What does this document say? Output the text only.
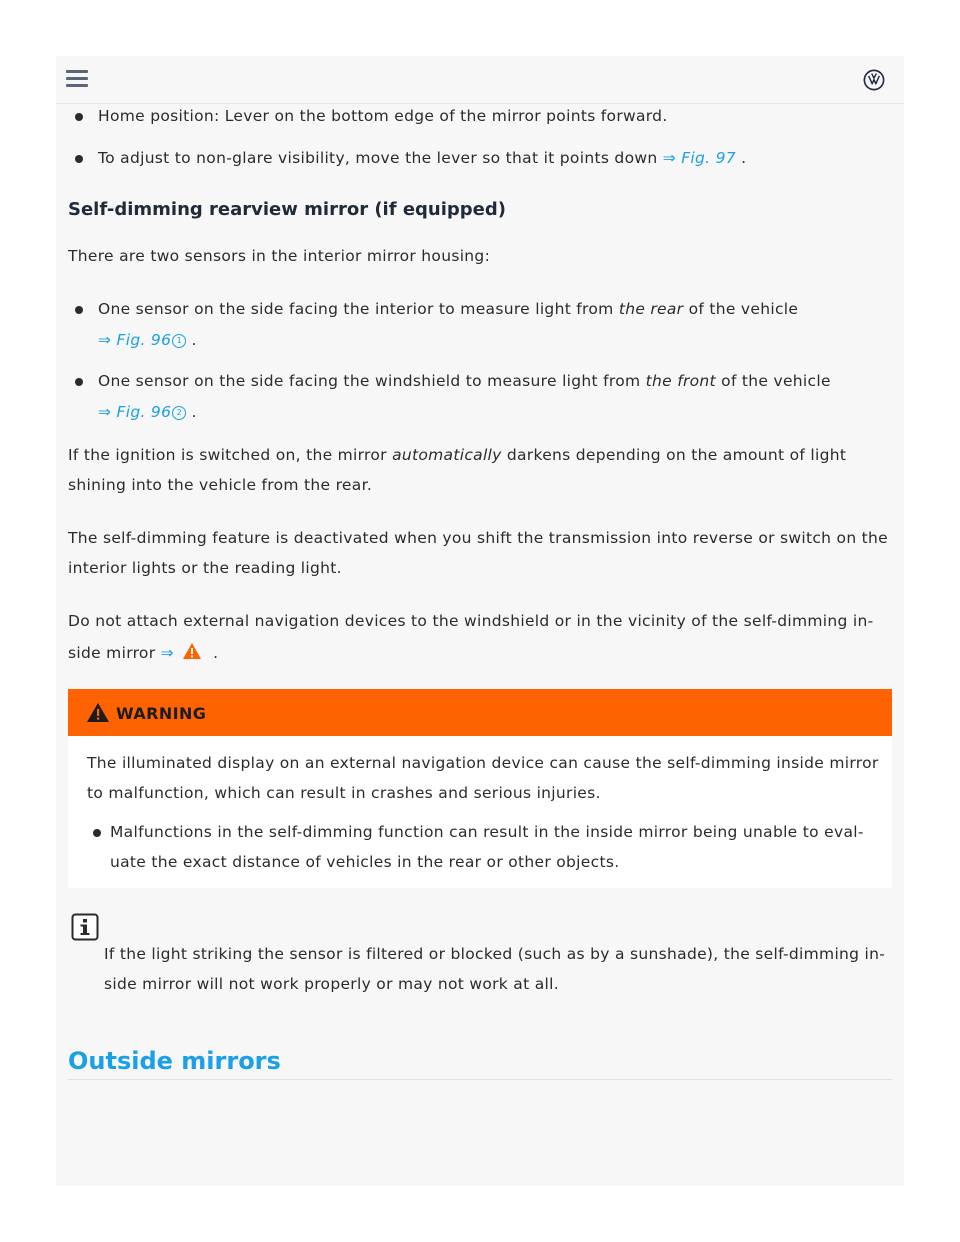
Home position: Lever on the bottom edge of the mirror points forward.
To adjust to non-glare visibility, move the lever so that it points down ⇒ Fig. 97 .
Self-dimming rearview mirror (if equipped)
There are two sensors in the interior mirror housing:
One sensor on the side facing the interior to measure light from the rear of the vehicle
⇒ Fig. 96 1 .
One sensor on the side facing the windshield to measure light from the front of the vehicle
⇒ Fig. 96 2 .
If the ignition is switched on, the mirror automatically darkens depending on the amount of light
shining into the vehicle from the rear.
The self-dimming feature is deactivated when you shift the transmission into reverse or switch on the
interior lights or the reading light.
Do not attach external navigation devices to the windshield or in the vicinity of the self-dimming in-
side mirror ⇒ .
WARNING
The illuminated display on an external navigation device can cause the self-dimming inside mirror
to malfunction, which can result in crashes and serious injuries.
Malfunctions in the self-dimming function can result in the inside mirror being unable to eval-
uate the exact distance of vehicles in the rear or other objects.
If the light striking the sensor is filtered or blocked (such as by a sunshade), the self-dimming in-
side mirror will not work properly or may not work at all.
Outside mirrors
